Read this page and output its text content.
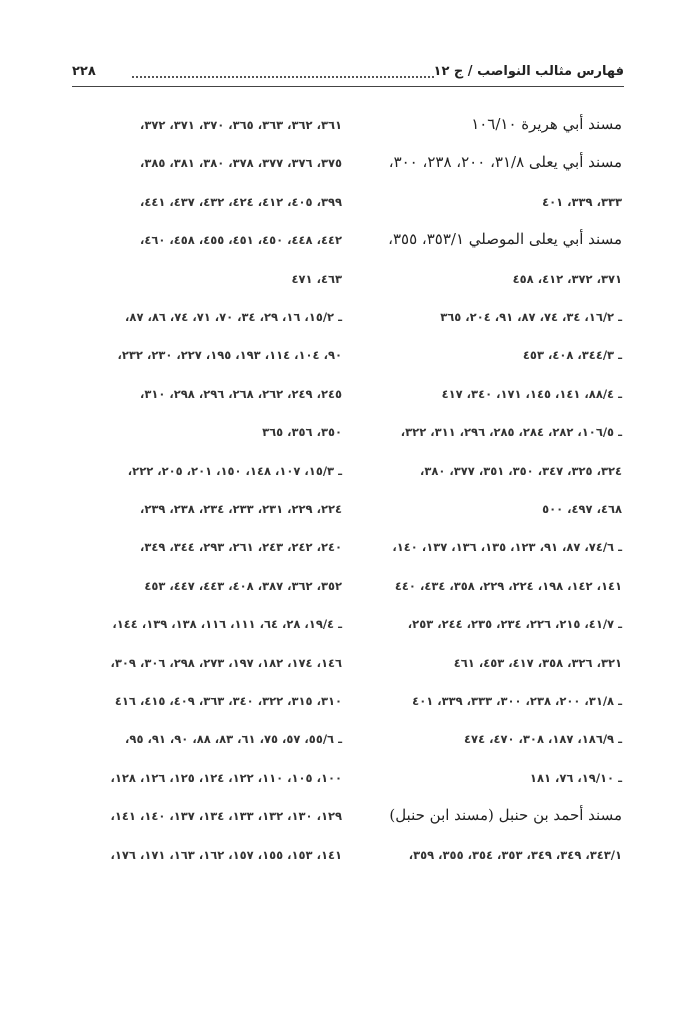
فهارس مثالب النواصب / ج ١٢
٢٢٨
مسند أبي هريرة ١٠٦/١٠
مسند أبي يعلى ٣١/٨، ٢٠٠، ٢٣٨، ٣٠٠،
٣٣٣، ٣٣٩، ٤٠١
مسند أبي يعلى الموصلي ٣٥٣/١، ٣٥٥،
٣٧١، ٣٧٢، ٤١٢، ٤٥٨
ـ ١٦/٢، ٣٤، ٧٤، ٨٧، ٩١، ٢٠٤، ٣٦٥
ـ ٣٤٤/٣، ٤٠٨، ٤٥٣
ـ ٨٨/٤، ١٤١، ١٤٥، ١٧١، ٣٤٠، ٤١٧
ـ ١٠٦/٥، ٢٨٢، ٢٨٤، ٢٨٥، ٢٩٦، ٣١١، ٣٢٢،
٣٢٤، ٣٢٥، ٣٤٧، ٣٥٠، ٣٥١، ٣٧٧، ٣٨٠،
٤٦٨، ٤٩٧، ٥٠٠
ـ ٧٤/٦، ٨٧، ٩١، ١٢٣، ١٣٥، ١٣٦، ١٣٧، ١٤٠،
١٤١، ١٤٢، ١٩٨، ٢٢٤، ٢٢٩، ٣٥٨، ٤٣٤، ٤٤٠
ـ ٤١/٧، ٢١٥، ٢٢٦، ٢٣٤، ٢٣٥، ٢٤٤، ٢٥٣،
٣٢١، ٣٢٦، ٣٥٨، ٤١٧، ٤٥٣، ٤٦١
ـ ٣١/٨، ٢٠٠، ٢٣٨، ٣٠٠، ٣٣٣، ٣٣٩، ٤٠١
ـ ١٨٦/٩، ١٨٧، ٣٠٨، ٤٧٠، ٤٧٤
ـ ١٩/١٠، ٧٦، ١٨١
مسند أحمد بن حنبل (مسند ابن حنبل)
٣٤٣/١، ٣٤٩، ٣٤٩، ٣٥٣، ٣٥٤، ٣٥٥، ٣٥٩،
٣٦١، ٣٦٢، ٣٦٣، ٣٦٥، ٣٧٠، ٣٧١، ٣٧٢،
٣٧٥، ٣٧٦، ٣٧٧، ٣٧٨، ٣٨٠، ٣٨١، ٣٨٥،
٣٩٩، ٤٠٥، ٤١٢، ٤٢٤، ٤٣٢، ٤٣٧، ٤٤١،
٤٤٢، ٤٤٨، ٤٥٠، ٤٥١، ٤٥٥، ٤٥٨، ٤٦٠،
٤٦٣، ٤٧١
ـ ١٥/٢، ١٦، ٢٩، ٣٤، ٧٠، ٧١، ٧٤، ٨٦، ٨٧،
٩٠، ١٠٤، ١١٤، ١٩٣، ١٩٥، ٢٢٧، ٢٣٠، ٢٣٢،
٢٤٥، ٢٤٩، ٢٦٢، ٢٦٨، ٢٩٦، ٢٩٨، ٣١٠،
٣٥٠، ٣٥٦، ٣٦٥
ـ ١٥/٣، ١٠٧، ١٤٨، ١٥٠، ٢٠١، ٢٠٥، ٢٢٢،
٢٢٤، ٢٢٩، ٢٣١، ٢٣٣، ٢٣٤، ٢٣٨، ٢٣٩،
٢٤٠، ٢٤٢، ٢٤٣، ٢٦١، ٢٩٣، ٣٤٤، ٣٤٩،
٣٥٢، ٣٦٢، ٣٨٧، ٤٠٨، ٤٤٣، ٤٤٧، ٤٥٣
ـ ١٩/٤، ٢٨، ٦٤، ١١١، ١١٦، ١٣٨، ١٣٩، ١٤٤،
١٤٦، ١٧٤، ١٨٢، ١٩٧، ٢٧٣، ٢٩٨، ٣٠٦، ٣٠٩،
٣١٠، ٣١٥، ٣٢٢، ٣٤٠، ٣٦٣، ٤٠٩، ٤١٥، ٤١٦
ـ ٥٥/٦، ٥٧، ٧٥، ٦١، ٨٣، ٨٨، ٩٠، ٩١، ٩٥،
١٠٠، ١٠٥، ١١٠، ١٢٢، ١٢٤، ١٢٥، ١٢٦، ١٢٨،
١٢٩، ١٣٠، ١٣٢، ١٣٣، ١٣٤، ١٣٧، ١٤٠، ١٤١،
١٤١، ١٥٣، ١٥٥، ١٥٧، ١٦٢، ١٦٣، ١٧١، ١٧٦،
